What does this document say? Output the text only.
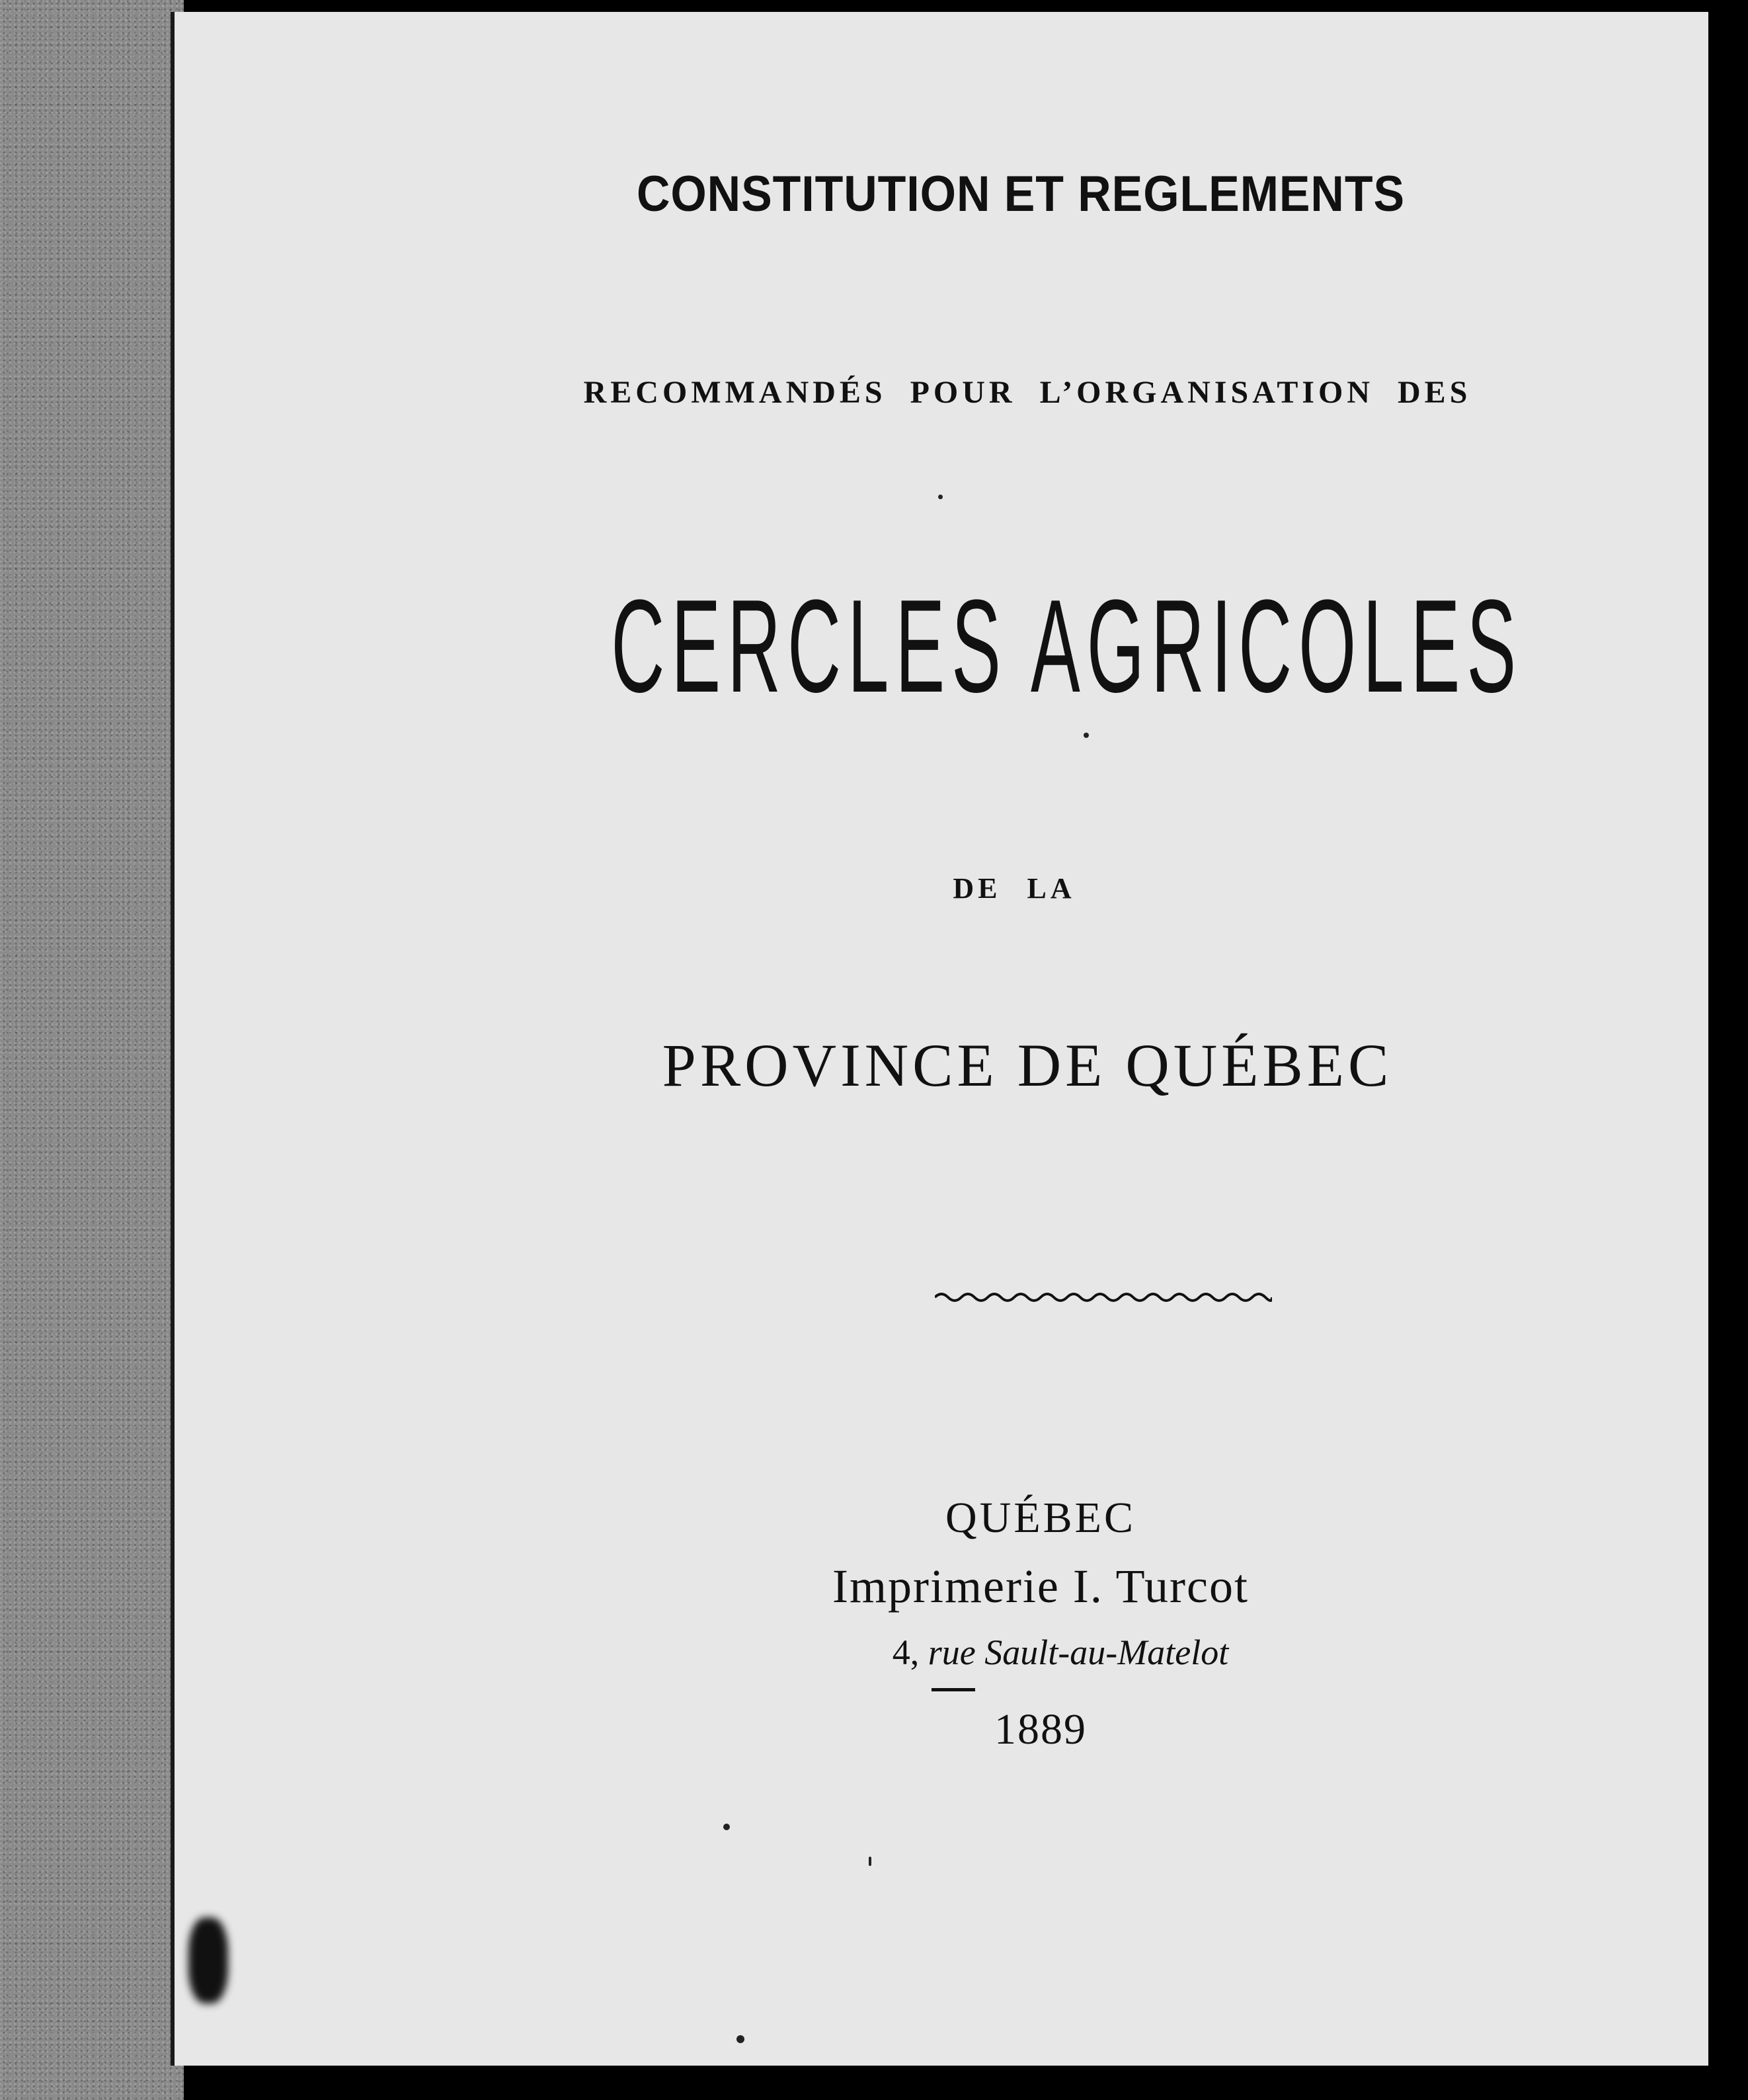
CONSTITUTION ET REGLEMENTS
RECOMMANDÉS POUR L’ORGANISATION DES
CERCLES AGRICOLES
DE LA
PROVINCE DE QUÉBEC
QUÉBEC
Imprimerie I. Turcot
4, rue Sault-au-Matelot
1889
